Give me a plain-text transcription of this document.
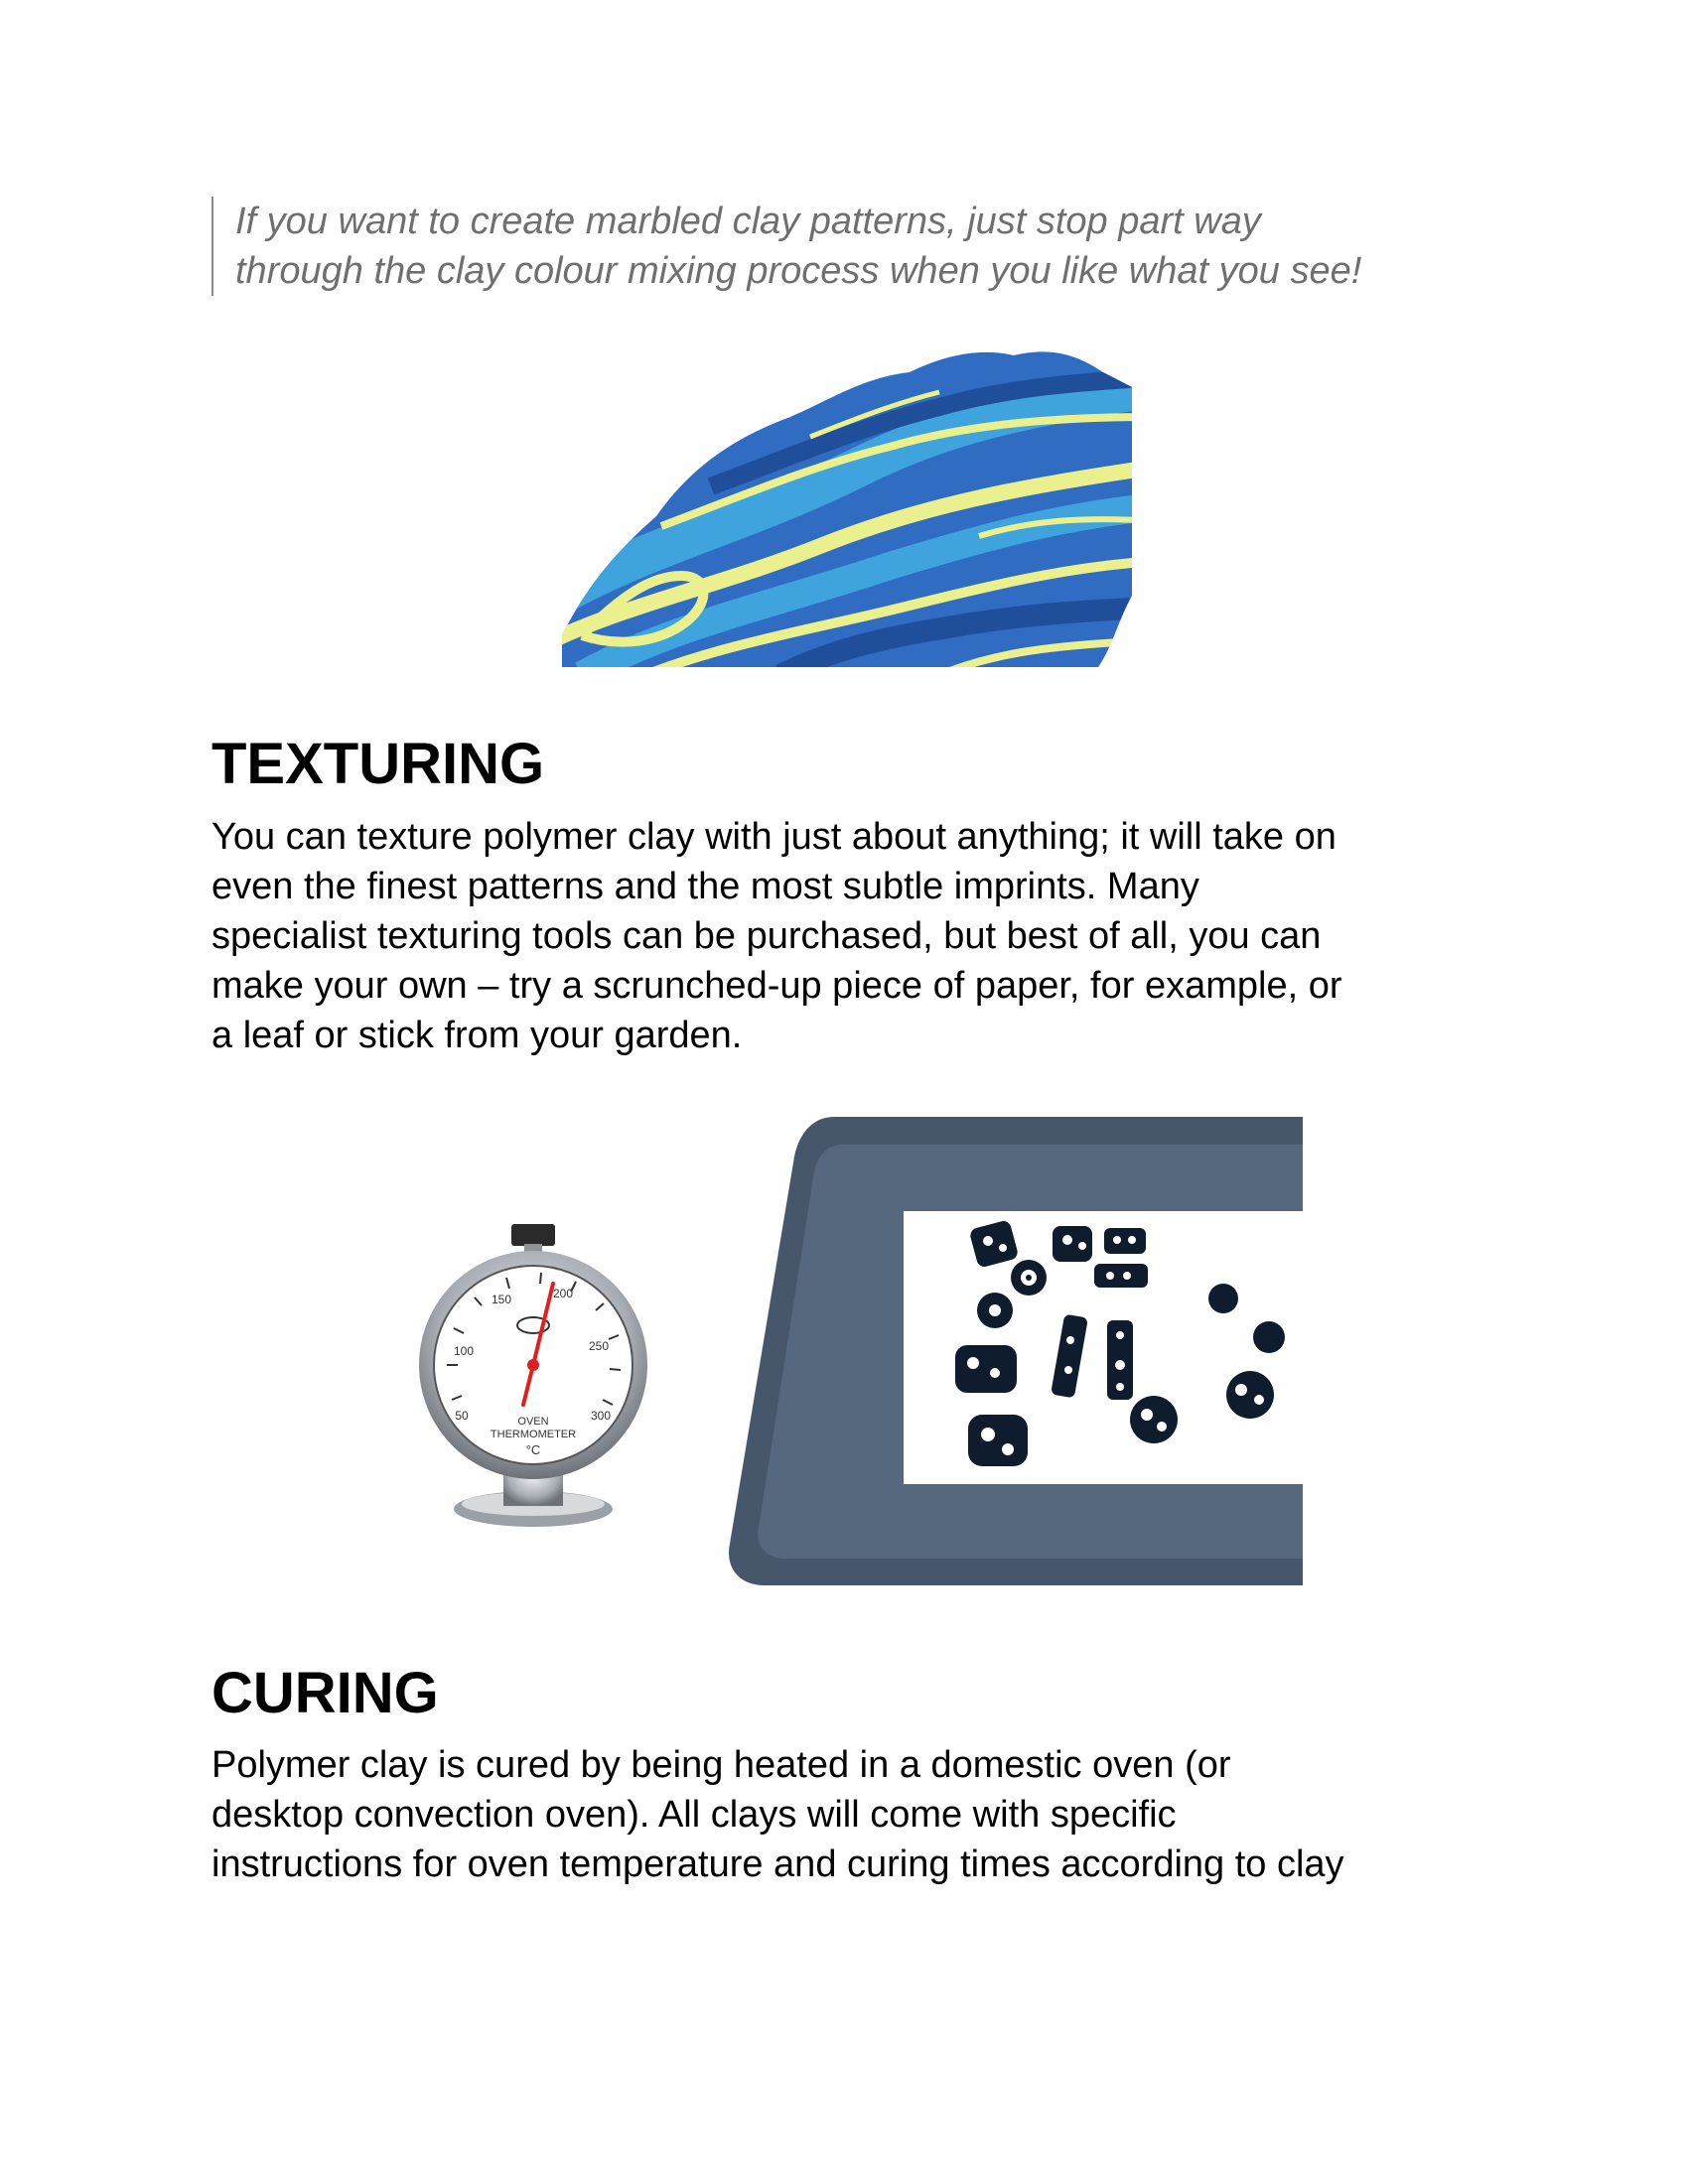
If you want to create marbled clay patterns, just stop part way
through the clay colour mixing process when you like what you see!
TEXTURING
You can texture polymer clay with just about anything; it will take on
even the finest patterns and the most subtle imprints. Many
specialist texturing tools can be purchased, but best of all, you can
make your own – try a scrunched-up piece of paper, for example, or
a leaf or stick from your garden.
50
100
150	200
250
300
OVEN
THERMOMETER
°C
CURING
Polymer clay is cured by being heated in a domestic oven (or
desktop convection oven). All clays will come with specific
instructions for oven temperature and curing times according to clay
